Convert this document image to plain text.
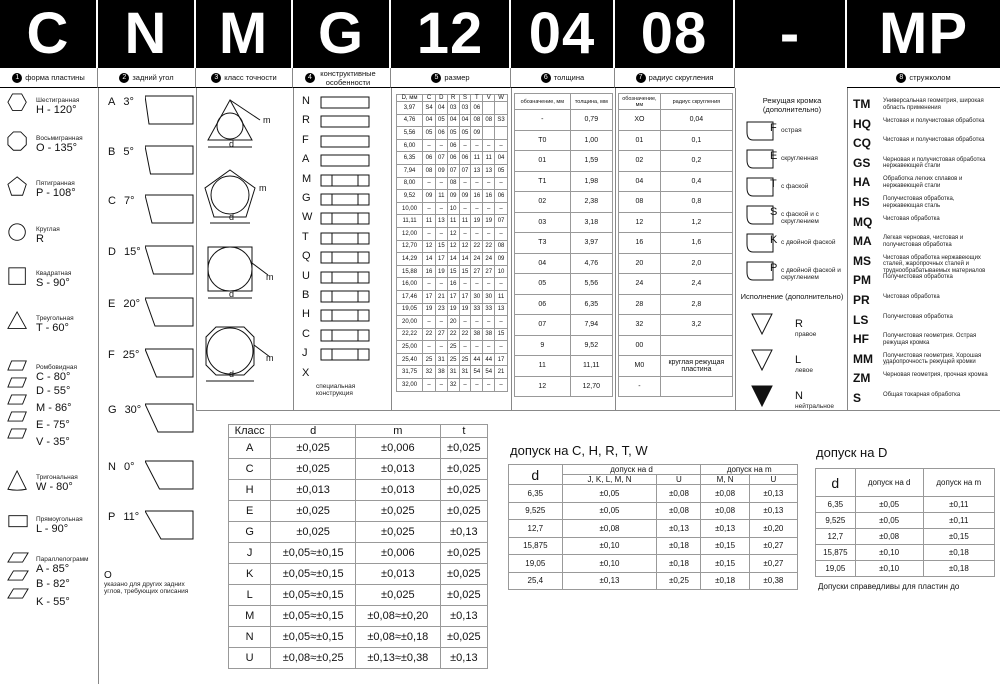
C N M G 12 04 08	-	MP
1 форма пластины	2 задний угол	3 класс точности	4	конструктивные особенности	5 размер	6 толщина	7 радиус скругления	8 стружколом
Шестигранная
H - 120°
Восьмигранная
O - 135°
Пятигранная
P - 108°
Круглая
R
Квадратная
S - 90°
Треугольная
T - 60°
Ромбовидная
C - 80°
D - 55°
M - 86°
E - 75°
V - 35°
Тригональная
W - 80°
Прямоугольная
L - 90°
Параллелограмм
A - 85°
B - 82°
K - 55°
A 3°
B 5°
C 7°
D 15°
E 20°
F 25°
G 30°
N 0°
P 11°
O
указано для других задних углов, требующих описания
m
d
m
d
m
d
m
d
N
R
F
A
M
G
W
T
Q
U
B
H
C
J
X
специальная конструкция
D, мм	C	D	R	S	T	V	W
3,97	S4	04	03	03	06		
4,76	04	05	04	04	08	08	S3
5,56	05	06	05	05	09		
6,00	–	–	06	–	–	–	–
6,35	06	07	06	06	11	11	04
7,94	08	09	07	07	13	13	05
8,00	–	–	08	–	–	–	–
9,52	09	11	09	09	16	16	06
10,00	–	–	10	–	–	–	–
11,11	11	13	11	11	19	19	07
12,00	–	–	12	–	–	–	–
12,70	12	15	12	12	22	22	08
14,29	14	17	14	14	24	24	09
15,88	16	19	15	15	27	27	10
16,00	–	–	16	–	–	–	–
17,46	17	21	17	17	30	30	11
19,05	19	23	19	19	33	33	13
20,00	–	–	20	–	–	–	–
22,22	22	27	22	22	38	38	15
25,00	–	–	25	–	–	–	–
25,40	25	31	25	25	44	44	17
31,75	32	38	31	31	54	54	21
32,00	–	–	32	–	–	–	–
обозначение, мм	толщина, мм
-	0,79
T0	1,00
01	1,59
T1	1,98
02	2,38
03	3,18
T3	3,97
04	4,76
05	5,56
06	6,35
07	7,94
9	9,52
11	11,11
12	12,70
обозначение, мм	радиус скругления
XO	0,04
01	0,1
02	0,2
04	0,4
08	0,8
12	1,2
16	1,6
20	2,0
24	2,4
28	2,8
32	3,2
00	
M0	круглая режущая пластина
-	
Режущая кромка (дополнительно)
F острая
E скругленная
T с фаской
S с фаской и с скруглением
K с двойной фаской
P с двойной фаской и скруглением
Исполнение (дополнительно)
R
правое
L
левое
N
нейтральное
TM	Универсальная геометрия, широкая область применения
HQ	Чистовая и получистовая обработка
CQ	Чистовая и получистовая обработка
GS	Черновая и получистовая обработка нержавеющей стали
HA	Обработка легких сплавов и нержавеющей стали
HS	Получистовая обработка, нержавеющая сталь
MQ	Чистовая обработка
MA	Легкая черновая, чистовая и получистовая обработка
MS	Чистовая обработка нержавеющих сталей, жаропрочных сталей и труднообрабатываемых материалов
PM	Получистовая обработка
PR	Чистовая обработка
LS	Получистовая обработка
HF	Получистовая геометрия. Острая режущая кромка
MM	Получистовая геометрия. Хорошая ударопрочность режущей кромки
ZM	Черновая геометрия, прочная кромка
S	Общая токарная обработка
Класс	d	m	t
A	±0,025	±0,006	±0,025
C	±0,025	±0,013	±0,025
H	±0,013	±0,013	±0,025
E	±0,025	±0,025	±0,025
G	±0,025	±0,025	±0,13
J	±0,05≈±0,15	±0,006	±0,025
K	±0,05≈±0,15	±0,013	±0,025
L	±0,05≈±0,15	±0,025	±0,025
M	±0,05≈±0,15	±0,08≈±0,20	±0,13
N	±0,05≈±0,15	±0,08≈±0,18	±0,025
U	±0,08≈±0,25	±0,13≈±0,38	±0,13
допуск на C, H, R, T, W
d	допуск на d		допуск на m	
	J, K, L, M, N	U	M, N	U
6,35	±0,05	±0,08	±0,08	±0,13
9,525	±0,05	±0,08	±0,08	±0,13
12,7	±0,08	±0,13	±0,13	±0,20
15,875	±0,10	±0,18	±0,15	±0,27
19,05	±0,10	±0,18	±0,15	±0,27
25,4	±0,13	±0,25	±0,18	±0,38
допуск на D
d	допуск на d	допуск на m
6,35	±0,05	±0,11
9,525	±0,05	±0,11
12,7	±0,08	±0,15
15,875	±0,10	±0,18
19,05	±0,10	±0,18
Допуски справедливы для пластин до
